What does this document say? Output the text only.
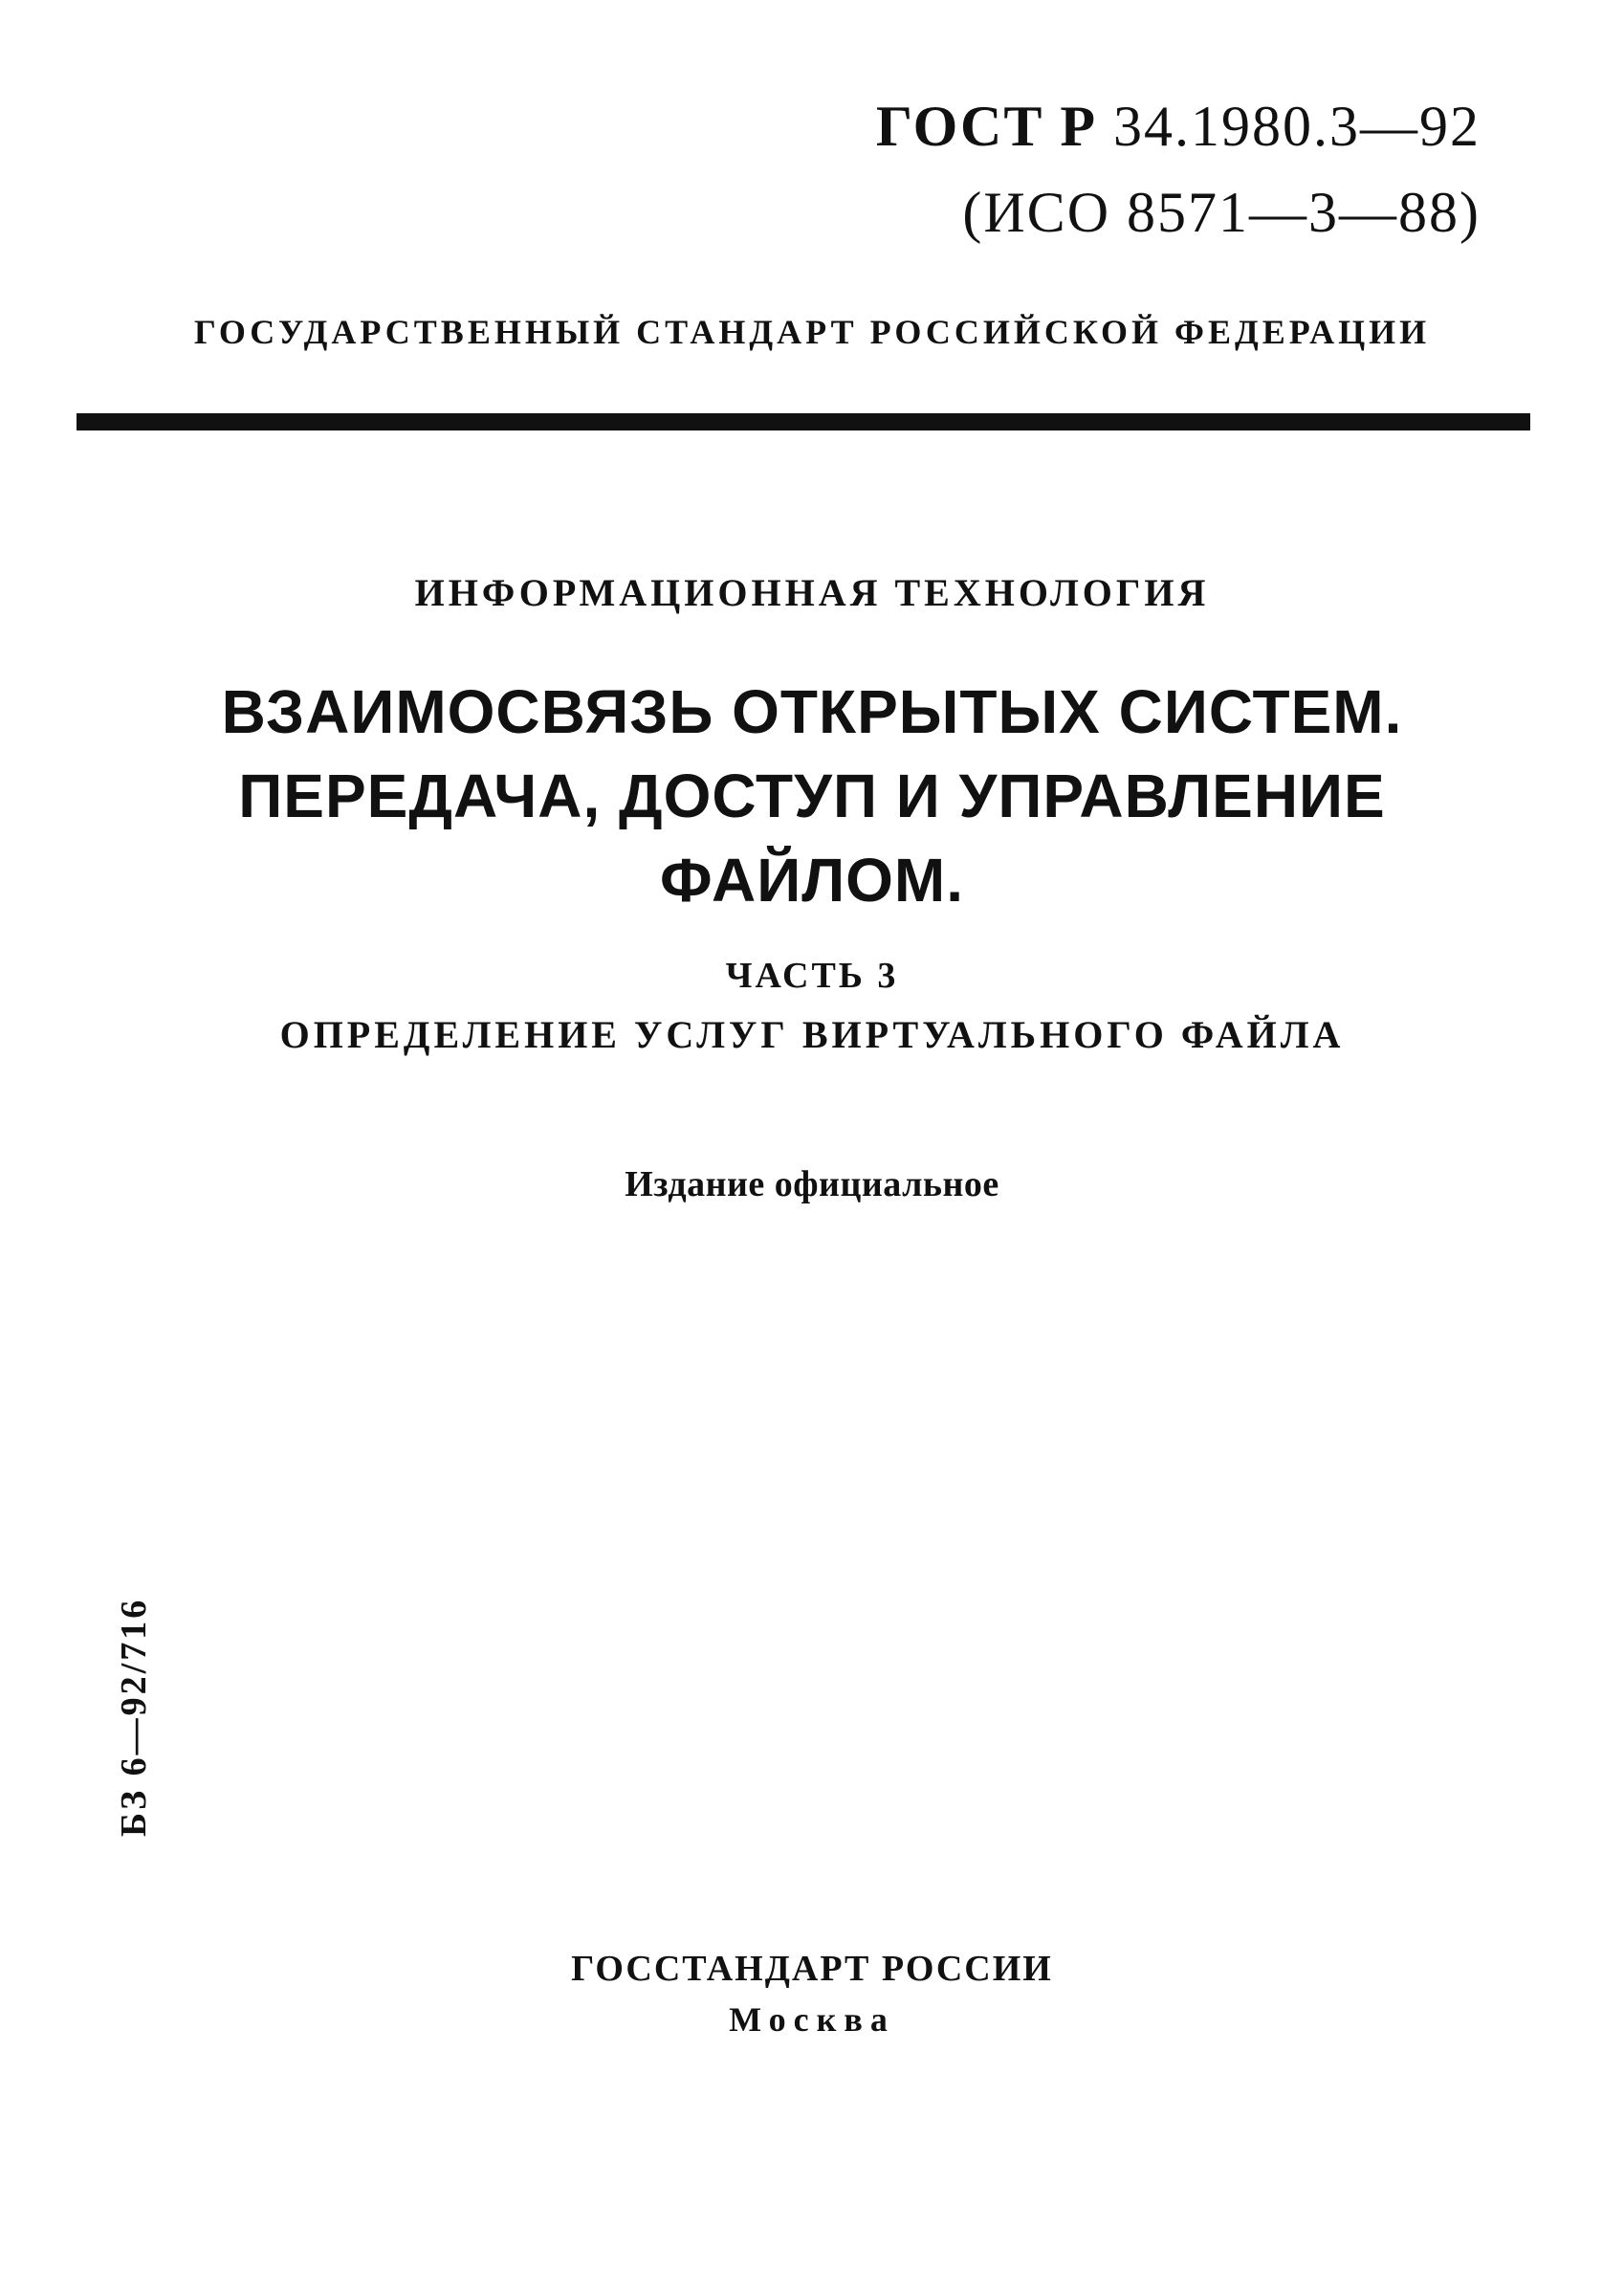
ГОСТ Р 34.1980.3—92
(ИСО 8571—3—88)
ГОСУДАРСТВЕННЫЙ СТАНДАРТ РОССИЙСКОЙ ФЕДЕРАЦИИ
ИНФОРМАЦИОННАЯ ТЕХНОЛОГИЯ
ВЗАИМОСВЯЗЬ ОТКРЫТЫХ СИСТЕМ.
ПЕРЕДАЧА, ДОСТУП И УПРАВЛЕНИЕ
ФАЙЛОМ.
ЧАСТЬ 3
ОПРЕДЕЛЕНИЕ УСЛУГ ВИРТУАЛЬНОГО ФАЙЛА
Издание официальное
БЗ 6—92/716
ГОССТАНДАРТ РОССИИ
Москва
